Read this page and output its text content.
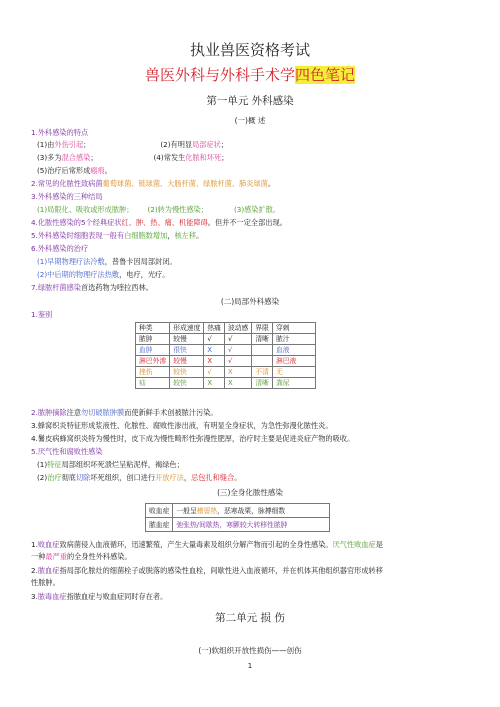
执业兽医资格考试
兽医外科与外科手术学四色笔记
第一单元 外科感染
(一)概 述
1.外科感染的特点
(1)由外伤引起；	(2)有明显局部症状；
(3)多为混合感染；	(4)常发生化脓和坏死；
(5)治疗后常形成瘢痕。
2.常见的化脓性致病菌葡萄球菌、链球菌、大肠杆菌、绿脓杆菌、肺炎球菌。
3.外科感染的三种结局
(1)局限化、吸收或形成脓肿； (2)转为慢性感染；	(3)感染扩散。
4.化脓性感染的5个经典症状红、肿、热、痛、机能障碍。但并不一定全部出现。
5.外科感染时细胞表现一般有白细胞数增加，核左移。
6.外科感染的治疗
(1)早期物理疗法冷敷，普鲁卡因局部封闭。
(2)中后期的物理疗法热敷，电疗，光疗。
7.绿脓杆菌感染首选药物为喹拉西林。
(二)局部外科感染
1.鉴别
种类	形成速度	热痛	波动感	界限	穿刺
脓肿	较慢	√	√	清晰	脓汁
血肿	很快	X	√		血液
淋巴外渗	较慢	X	√		淋巴液
挫伤	较快	√	X	不清	无
疝	较快	X	X	清晰	粪尿
2.脓肿摘除注意勿切破脓肿膜而使新鲜手术创被脓汁污染。
3.蜂窝织炎特征形成浆液性、化脓性、腐败性渗出液，有明显全身症状，为急性弥漫化脓性炎。
4.鬐皮病蜂窝织炎特为慢性时，皮下成为慢性畸形性弥漫性肥厚，治疗时主要是促进炎症产物的吸收。
5.厌气性和腐败性感染
(1)特征局部组织坏死溃烂呈粘泥样，褐绿色；
(2)治疗彻底切除坏死组织，创口进行开放疗法，忌包扎和缝合。
(三)全身化脓性感染
败血症	一般呈稽留热，恶寒战栗，脉搏细数
脓血症	弛张热/间歇热，寒颤较大转移性脓肿
1.败血症致病菌侵入血液循环，迅速繁殖，产生大量毒素及组织分解产物而引起的全身性感染。厌气性败血症是
一种最严重的全身性外科感染。
2.脓血症指局部化脓灶的细菌栓子或脱落的感染性血栓，间歇性进入血液循环，并在机体其他组织器官形成转移
性脓肿。
3.脓毒血症指脓血症与败血症同时存在者。
第二单元 损 伤
(一)软组织开放性损伤——创伤
1
